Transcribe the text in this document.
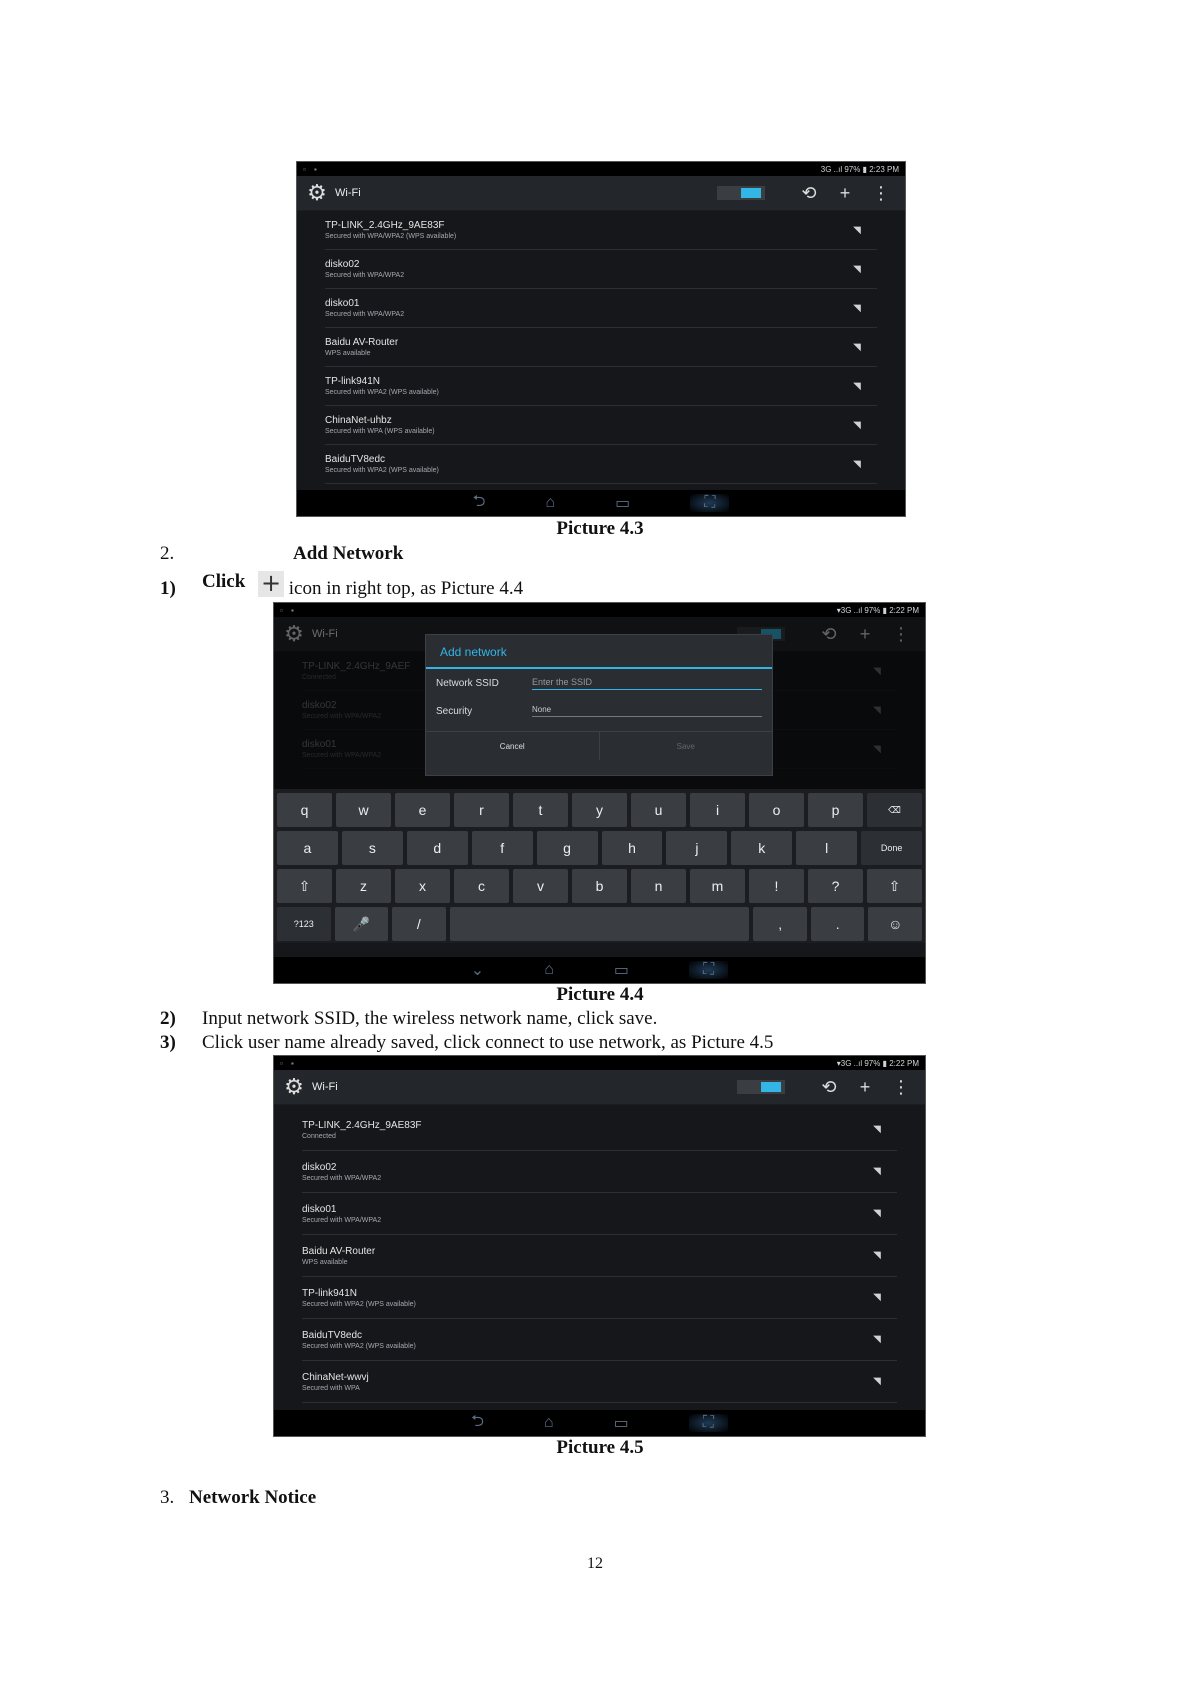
▫ ▪	3G ..ıl 97% ▮ 2:23 PM
⚙ Wi-Fi	⟲	+	⋮
TP-LINK_2.4GHz_9AE83F
Secured with WPA/WPA2 (WPS available)
◥
disko02
Secured with WPA/WPA2
◥
disko01
Secured with WPA/WPA2
◥
Baidu AV-Router
WPS available
◥
TP-link941N
Secured with WPA2 (WPS available)
◥
ChinaNet-uhbz
Secured with WPA (WPS available)
◥
BaiduTV8edc
Secured with WPA2 (WPS available)
◥
⮌	⌂	▭	⛶
Picture 4.3
2.	Add Network
1) Click + icon in right top, as Picture 4.4
▫ ▪	▾3G ..ıl 97% ▮ 2:22 PM
Add network
Network SSID	Enter the SSID
Security	None
Cancel	Save
q	w	e	r	t	y	u	i	o	p	⌫
a	s	d	f	g	h	j	k	l	Done
⇧	z	x	c	v	b	n	m	!	?	⇧
?123	🎤	/	,	.	☺
⌄	⌂	▭	⛶
Picture 4.4
2) Input network SSID, the wireless network name, click save.
3) Click user name already saved, click connect to use network, as Picture 4.5
▫ ▪	▾3G ..ıl 97% ▮ 2:22 PM
⚙ Wi-Fi	⟲	+	⋮
TP-LINK_2.4GHz_9AE83F
Connected
◥
disko02
Secured with WPA/WPA2
◥
disko01
Secured with WPA/WPA2
◥
Baidu AV-Router
WPS available
◥
TP-link941N
Secured with WPA2 (WPS available)
◥
BaiduTV8edc
Secured with WPA2 (WPS available)
◥
ChinaNet-wwvj
Secured with WPA
◥
⮌	⌂	▭	⛶
Picture 4.5
3. Network Notice
12
